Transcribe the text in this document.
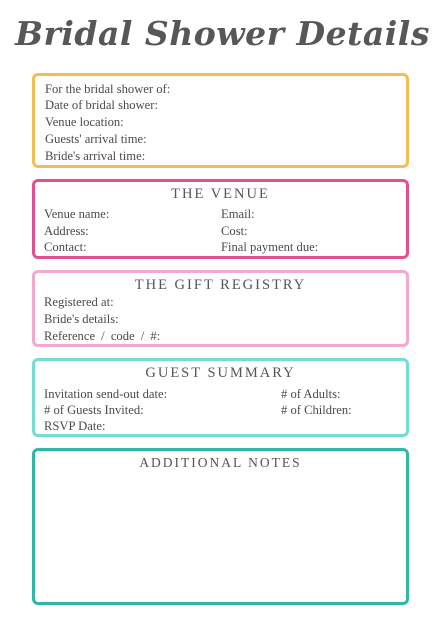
Bridal Shower Details
For the bridal shower of:
Date of bridal shower:
Venue location:
Guests' arrival time:
Bride's arrival time:
THE VENUE
Venue name:
Address:
Contact:
Email:
Cost:
Final payment due:
THE GIFT REGISTRY
Registered at:
Bride's details:
Reference / code / #:
GUEST SUMMARY
Invitation send-out date:
# of Guests Invited:
RSVP Date:
# of Adults:
# of Children:
ADDITIONAL NOTES
